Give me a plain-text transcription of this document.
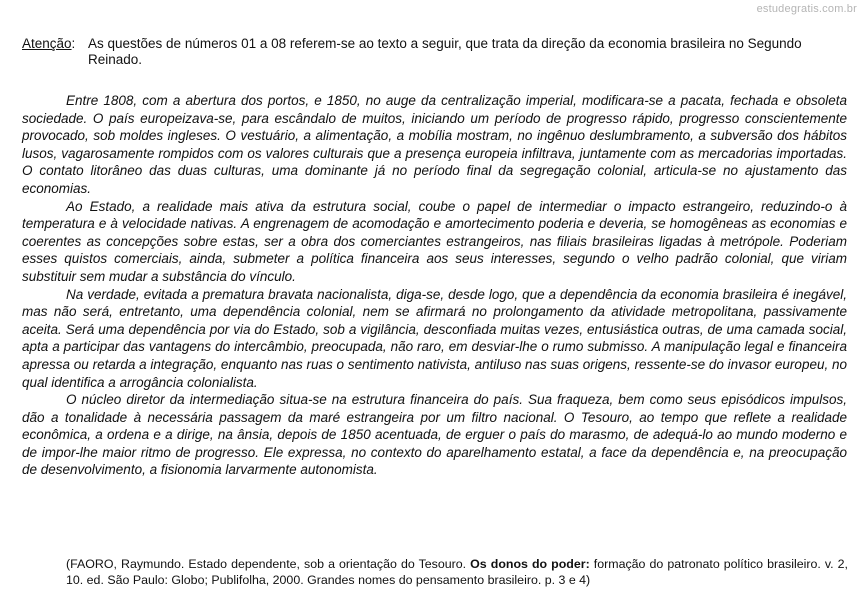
estudegratis.com.br
Atenção: As questões de números 01 a 08 referem-se ao texto a seguir, que trata da direção da economia brasileira no Segundo Reinado.

Entre 1808, com a abertura dos portos, e 1850, no auge da centralização imperial, modificara-se a pacata, fechada e obsoleta sociedade. O país europeizava-se, para escândalo de muitos, iniciando um período de progresso rápido, progresso conscientemente provocado, sob moldes ingleses. O vestuário, a alimentação, a mobília mostram, no ingênuo deslumbramento, a subversão dos hábitos lusos, vagarosamente rompidos com os valores culturais que a presença europeia infiltrava, juntamente com as mercadorias importadas. O contato litorâneo das duas culturas, uma dominante já no período final da segregação colonial, articula-se no ajustamento das economias.

Ao Estado, a realidade mais ativa da estrutura social, coube o papel de intermediar o impacto estrangeiro, reduzindo-o à temperatura e à velocidade nativas. A engrenagem de acomodação e amortecimento poderia e deveria, se homogêneas as economias e coerentes as concepções sobre estas, ser a obra dos comerciantes estrangeiros, nas filiais brasileiras ligadas à metrópole. Poderiam esses quistos comerciais, ainda, submeter a política financeira aos seus interesses, segundo o velho padrão colonial, que viriam substituir sem mudar a substância do vínculo.

Na verdade, evitada a prematura bravata nacionalista, diga-se, desde logo, que a dependência da economia brasileira é inegável, mas não será, entretanto, uma dependência colonial, nem se afirmará no prolongamento da atividade metropolitana, passivamente aceita. Será uma dependência por via do Estado, sob a vigilância, desconfiada muitas vezes, entusiástica outras, de uma camada social, apta a participar das vantagens do intercâmbio, preocupada, não raro, em desviar-lhe o rumo submisso. A manipulação legal e financeira apressa ou retarda a integração, enquanto nas ruas o sentimento nativista, antiluso nas suas origens, ressente-se do invasor europeu, no qual identifica a arrogância colonialista.

O núcleo diretor da intermediação situa-se na estrutura financeira do país. Sua fraqueza, bem como seus episódicos impulsos, dão a tonalidade à necessária passagem da maré estrangeira por um filtro nacional. O Tesouro, ao tempo que reflete a realidade econômica, a ordena e a dirige, na ânsia, depois de 1850 acentuada, de erguer o país do marasmo, de adequá-lo ao mundo moderno e de impor-lhe maior ritmo de progresso. Ele expressa, no contexto do aparelhamento estatal, a face da dependência e, na preocupação de desenvolvimento, a fisionomia larvarmente autonomista.

(FAORO, Raymundo. Estado dependente, sob a orientação do Tesouro. Os donos do poder: formação do patronato político brasileiro. v. 2, 10. ed. São Paulo: Globo; Publifolha, 2000. Grandes nomes do pensamento brasileiro. p. 3 e 4)
